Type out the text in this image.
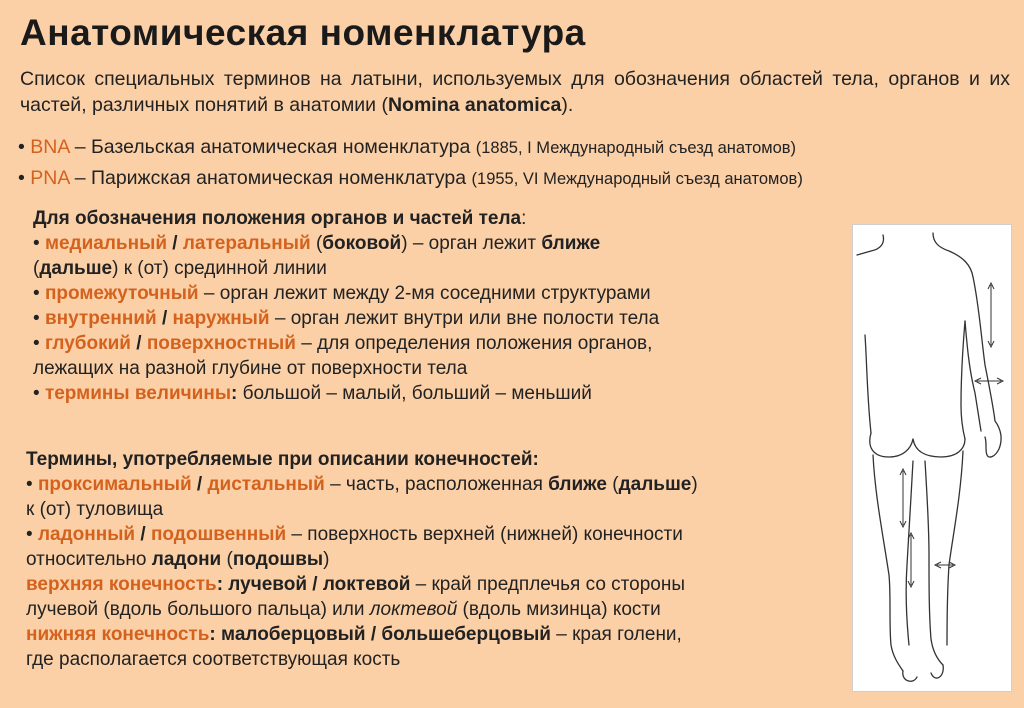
Анатомическая номенклатура
Список специальных терминов на латыни, используемых для обозначения областей тела, органов и их частей, различных понятий в анатомии (Nomina anatomica).
• BNA – Базельская анатомическая номенклатура (1885, I Международный съезд анатомов)
• PNA – Парижская анатомическая номенклатура (1955, VI Международный съезд анатомов)
Для обозначения положения органов и частей тела:
• медиальный / латеральный (боковой) – орган лежит ближе
(дальше) к (от) срединной линии
• промежуточный – орган лежит между 2-мя соседними структурами
• внутренний / наружный – орган лежит внутри или вне полости тела
• глубокий / поверхностный – для определения положения органов,
лежащих на разной глубине от поверхности тела
• термины величины: большой – малый, больший – меньший
Термины, употребляемые при описании конечностей:
• проксимальный / дистальный – часть, расположенная ближе (дальше)
к (от) туловища
• ладонный / подошвенный – поверхность верхней (нижней) конечности
относительно ладони (подошвы)
верхняя конечность: лучевой / локтевой – край предплечья со стороны
лучевой (вдоль большого пальца) или локтевой (вдоль мизинца) кости
нижняя конечность: малоберцовый / большеберцовый – края голени,
где располагается соответствующая кость
